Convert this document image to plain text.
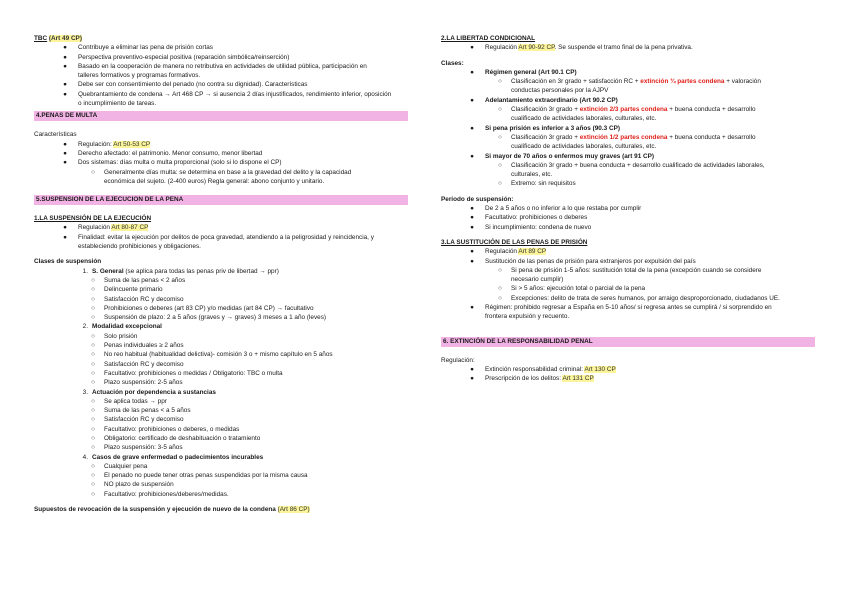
TBC (Art 49 CP)
●	Contribuye a eliminar las pena de prisión cortas
●	Perspectiva preventivo-especial positiva (reparación simbólica/reinserción)
●	Basado en la cooperación de manera no retributiva en actividades de utilidad pública, participación en
talleres formativos y programas formativos.
●	Debe ser con consentimiento del penado (no contra su dignidad). Características
●	Quebrantamiento de condena → Art 468 CP → si ausencia 2 días injustificados, rendimiento inferior, oposición
o incumplimiento de tareas.
4.PENAS DE MULTA
Características
●	Regulación: Art 50-53 CP
●	Derecho afectado: el patrimonio. Menor consumo, menor libertad
●	Dos sistemas: días multa o multa proporcional (solo si lo dispone el CP)
○	Generalmente días multa: se determina en base a la gravedad del delito y la capacidad
económica del sujeto. (2-400 euros) Regla general: abono conjunto y unitario.
5.SUSPENSION DE LA EJECUCION DE LA PENA
1.LA SUSPENSIÓN DE LA EJECUCIÓN
●	Regulación Art 80-87 CP
●	Finalidad: evitar la ejecución por delitos de poca gravedad, atendiendo a la peligrosidad y reincidencia, y
estableciendo prohibiciones y obligaciones.
Clases de suspensión
1. S. General (se aplica para todas las penas priv de libertad → ppr)
○	Suma de las penas < 2 años
○	Delincuente primario
○	Satisfacción RC y decomiso
○	Prohibiciones o deberes (art 83 CP) y/o medidas (art 84 CP) → facultativo
○	Suspensión de plazo: 2 a 5 años (graves y → graves) 3 meses a 1 año (leves)
2. Modalidad excepcional
○	Solo prisión
○	Penas individuales ≥ 2 años
○	No reo habitual (habitualidad delictiva)- comisión 3 o + mismo capítulo en 5 años
○	Satisfacción RC y decomiso
○	Facultativo: prohibiciones o medidas / Obligatorio: TBC o multa
○	Plazo suspensión: 2-5 años
3. Actuación por dependencia a sustancias
○	Se aplica todas → ppr
○	Suma de las penas < a 5 años
○	Satisfacción RC y decomiso
○	Facultativo: prohibiciones o deberes, o medidas
○	Obligatorio: certificado de deshabituación o tratamiento
○	Plazo suspensión: 3-5 años
4. Casos de grave enfermedad o padecimientos incurables
○	Cualquier pena
○	El penado no puede tener otras penas suspendidas por la misma causa
○	NO plazo de suspensión
○	Facultativo: prohibiciones/deberes/medidas.
Supuestos de revocación de la suspensión y ejecución de nuevo de la condena (Art 86 CP)
2.LA LIBERTAD CONDICIONAL
●	Regulación Art 90-92 CP. Se suspende el tramo final de la pena privativa.
Clases:
●	Régimen general (Art 90.1 CP)
○	Clasificación en 3r grado + satisfacción RC + extinción ¾ partes condena + valoración
conductas personales por la AJPV
●	Adelantamiento extraordinario (Art 90.2 CP)
○	Clasificación 3r grado + extinción 2/3 partes condena + buena conducta + desarrollo
cualificado de actividades laborales, culturales, etc.
●	Si pena prisión es inferior a 3 años (90.3 CP)
○	Clasificación 3r grado + extinción 1/2 partes condena + buena conducta + desarrollo
cualificado de actividades laborales, culturales, etc.
●	Si mayor de 70 años o enfermos muy graves (art 91 CP)
○	Clasificación 3r grado + buena conducta + desarrollo cualificado de actividades laborales,
culturales, etc.
○	Extremo: sin requisitos
Período de suspensión:
●	De 2 a 5 años o no inferior a lo que restaba por cumplir
●	Facultativo: prohibiciones o deberes
●	Si incumplimiento: condena de nuevo
3.LA SUSTITUCIÓN DE LAS PENAS DE PRISIÓN
●	Regulación Art 89 CP
●	Sustitución de las penas de prisión para extranjeros por expulsión del país
○	Si pena de prisión 1-5 años: sustitución total de la pena (excepción cuando se considere
necesario cumplir)
○	Si > 5 años: ejecución total o parcial de la pena
○	Excepciones: delito de trata de seres humanos, por arraigo desproporcionado, ciudadanos UE.
●	Régimen: prohibido regresar a España en 5-10 años/ si regresa antes se cumplirá / si sorprendido en
frontera expulsión y recuento.
6. EXTINCIÓN DE LA RESPONSABILIDAD PENAL
Regulación:
●	Extinción responsabilidad criminal: Art 130 CP
●	Prescripción de los delitos: Art 131 CP
